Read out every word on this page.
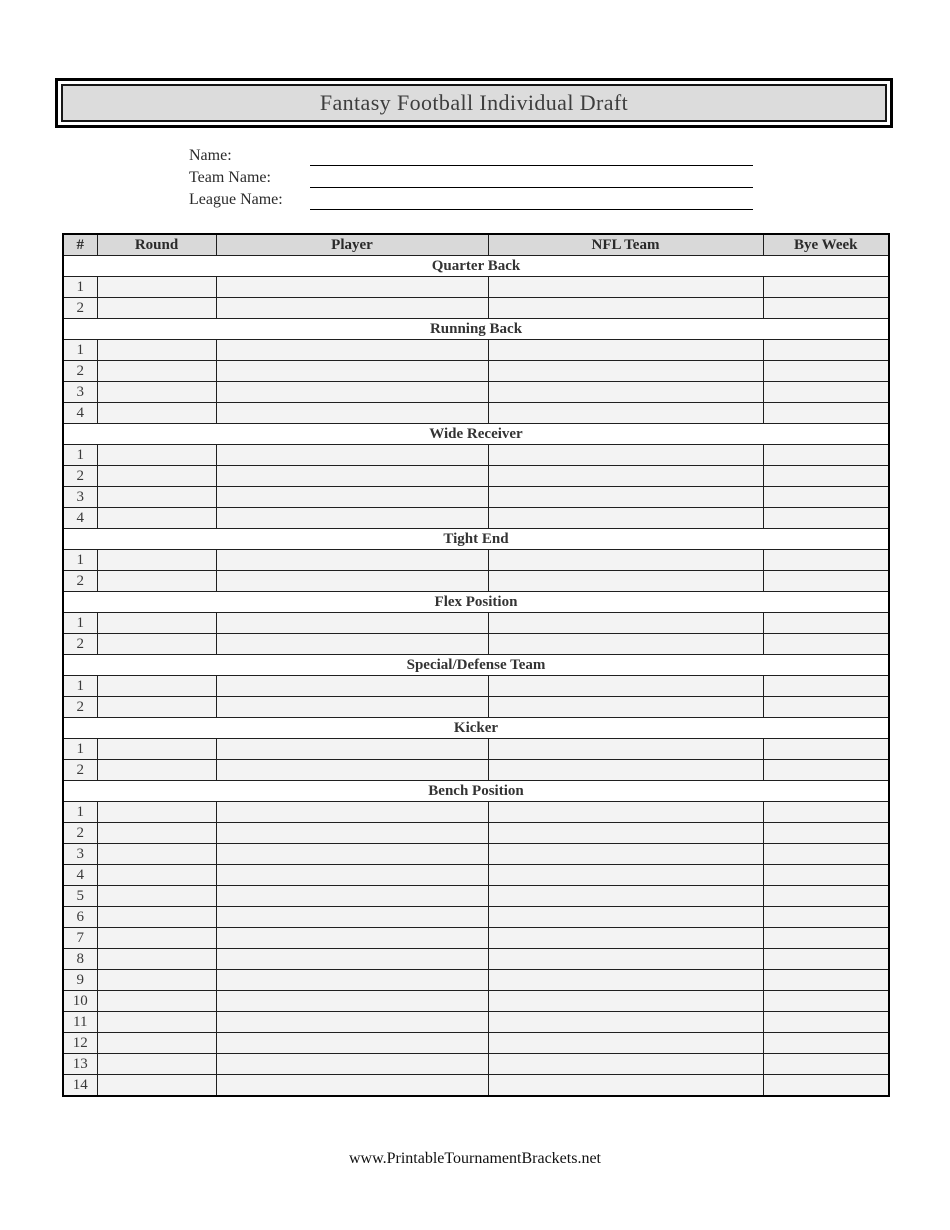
Fantasy Football Individual Draft
Name:
Team Name:
League Name:
#	Round	Player	NFL Team	Bye Week
Quarter Back				
1				
2				
Running Back				
1				
2				
3				
4				
Wide Receiver				
1				
2				
3				
4				
Tight End				
1				
2				
Flex Position				
1				
2				
Special/Defense Team				
1				
2				
Kicker				
1				
2				
Bench Position				
1				
2				
3				
4				
5				
6				
7				
8				
9				
10				
11				
12				
13				
14				
www.PrintableTournamentBrackets.net
